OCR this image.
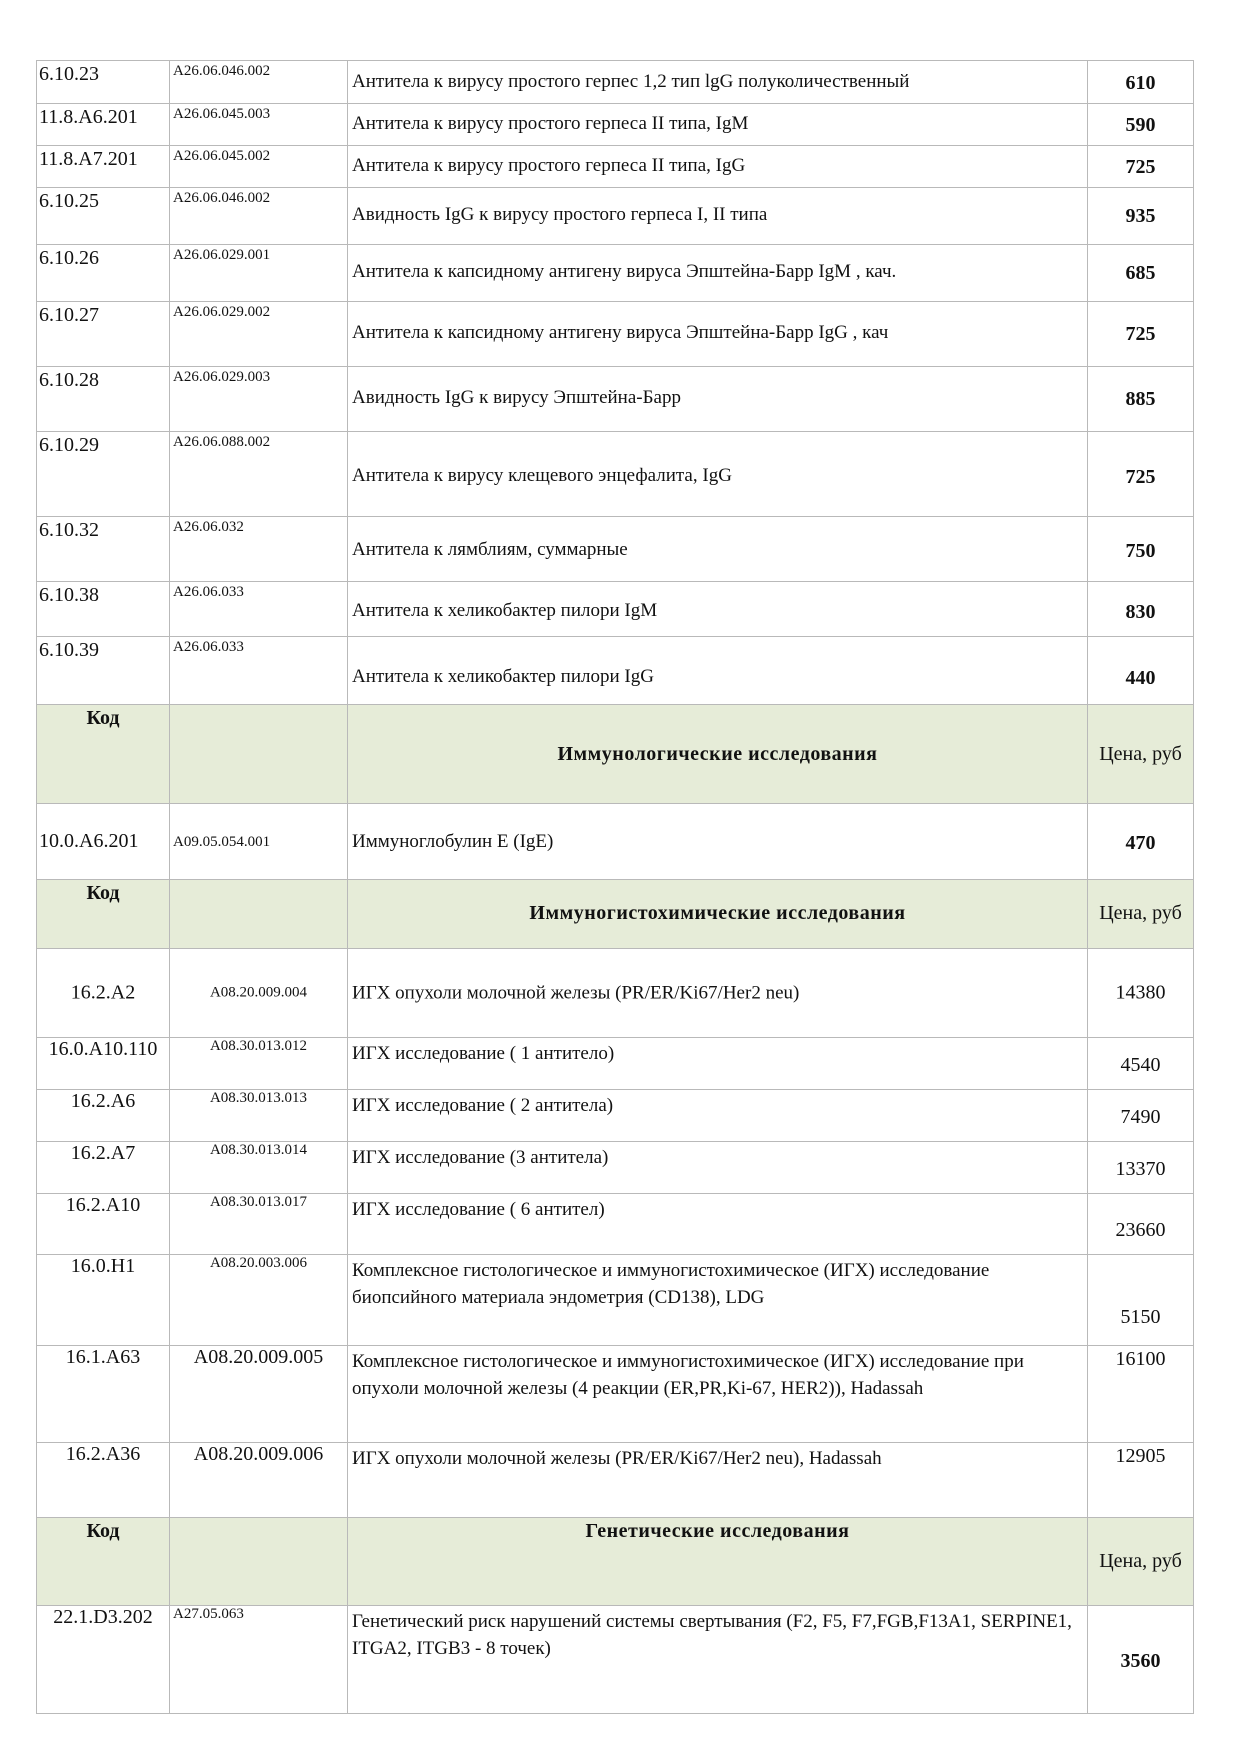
6.10.23	A26.06.046.002	Антитела к вирусу простого герпес 1,2 тип lgG полуколичественный	610

11.8.A6.201	A26.06.045.003	Антитела к вирусу простого герпеса II типа, IgM	590

11.8.A7.201	A26.06.045.002	Антитела к вирусу простого герпеса II типа, IgG	725

6.10.25	A26.06.046.002	Авидность IgG к вирусу простого герпеса I, II типа	935

6.10.26	A26.06.029.001	Антитела к капсидному антигену вируса Эпштейна-Барр IgM , кач.	685

6.10.27	A26.06.029.002	Антитела к капсидному антигену вируса Эпштейна-Барр IgG , кач	725

6.10.28	A26.06.029.003	Авидность IgG к вирусу Эпштейна-Барр	885

6.10.29	A26.06.088.002	Антитела к вирусу клещевого энцефалита, IgG	725

6.10.32	A26.06.032	Антитела к лямблиям, суммарные	750

6.10.38	A26.06.033	Антитела к хеликобактер пилори IgM	830

6.10.39	A26.06.033	Антитела к хеликобактер пилори IgG	440

Код		Иммунологические исследования	Цена, руб

10.0.A6.201	A09.05.054.001	Иммуноглобулин E (IgE)	470

Код		Иммуногистохимические исследования	Цена, руб

16.2.A2	A08.20.009.004	ИГХ опухоли молочной железы (PR/ER/Ki67/Her2 neu)	14380

16.0.A10.110	A08.30.013.012	ИГХ исследование ( 1 антитело)	4540

16.2.A6	A08.30.013.013	ИГХ исследование ( 2 антитела)	7490

16.2.A7	A08.30.013.014	ИГХ исследование (3 антитела)	13370

16.2.A10	A08.30.013.017	ИГХ исследование ( 6 антител)	23660

16.0.H1	A08.20.003.006	Комплексное гистологическое и иммуногистохимическое (ИГХ) исследование биопсийного материала эндометрия (CD138), LDG	5150

16.1.A63	A08.20.009.005	Комплексное гистологическое и иммуногистохимическое (ИГХ) исследование при опухоли молочной железы (4 реакции (ER,PR,Ki-67, HER2)), Hadassah	16100

16.2.A36	A08.20.009.006	ИГХ опухоли молочной железы (PR/ER/Ki67/Her2 neu), Hadassah	12905

Код		Генетические исследования	Цена, руб

22.1.D3.202	A27.05.063	Генетический риск нарушений системы свертывания (F2, F5, F7,FGB,F13A1, SERPINE1, ITGA2, ITGB3 - 8 точек)	3560
